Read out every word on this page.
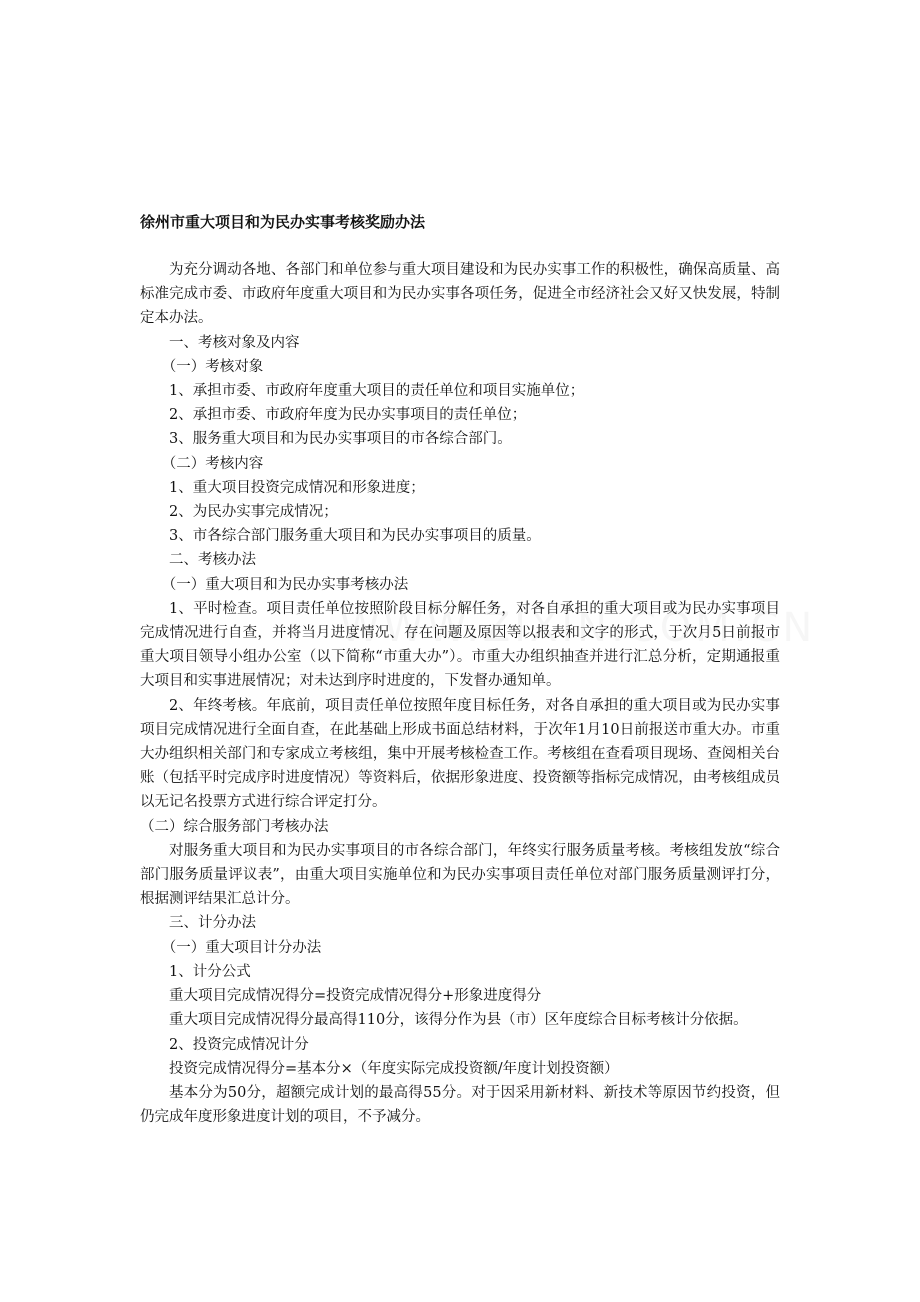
徐州市重大项目和为民办实事考核奖励办法

为充分调动各地、各部门和单位参与重大项目建设和为民办实事工作的积极性，确保高质量、高标准完成市委、市政府年度重大项目和为民办实事各项任务，促进全市经济社会又好又快发展，特制定本办法。

一、考核对象及内容

（一）考核对象

1、承担市委、市政府年度重大项目的责任单位和项目实施单位；

2、承担市委、市政府年度为民办实事项目的责任单位；

3、服务重大项目和为民办实事项目的市各综合部门。

（二）考核内容

1、重大项目投资完成情况和形象进度；

2、为民办实事完成情况；

3、市各综合部门服务重大项目和为民办实事项目的质量。

二、考核办法

（一）重大项目和为民办实事考核办法

1、平时检查。项目责任单位按照阶段目标分解任务，对各自承担的重大项目或为民办实事项目完成情况进行自查，并将当月进度情况、存在问题及原因等以报表和文字的形式，于次月5日前报市重大项目领导小组办公室（以下简称“市重大办”）。市重大办组织抽查并进行汇总分析，定期通报重大项目和实事进展情况；对未达到序时进度的，下发督办通知单。

2、年终考核。年底前，项目责任单位按照年度目标任务，对各自承担的重大项目或为民办实事项目完成情况进行全面自查，在此基础上形成书面总结材料，于次年1月10日前报送市重大办。市重大办组织相关部门和专家成立考核组，集中开展考核检查工作。考核组在查看项目现场、查阅相关台账（包括平时完成序时进度情况）等资料后，依据形象进度、投资额等指标完成情况，由考核组成员以无记名投票方式进行综合评定打分。

（二）综合服务部门考核办法

对服务重大项目和为民办实事项目的市各综合部门，年终实行服务质量考核。考核组发放“综合部门服务质量评议表”，由重大项目实施单位和为民办实事项目责任单位对部门服务质量测评打分，根据测评结果汇总计分。

三、计分办法

（一）重大项目计分办法

1、计分公式

重大项目完成情况得分=投资完成情况得分+形象进度得分

重大项目完成情况得分最高得110分，该得分作为县（市）区年度综合目标考核计分依据。

2、投资完成情况计分

投资完成情况得分=基本分×（年度实际完成投资额/年度计划投资额）

基本分为50分，超额完成计划的最高得55分。对于因采用新材料、新技术等原因节约投资，但仍完成年度形象进度计划的项目，不予减分。
